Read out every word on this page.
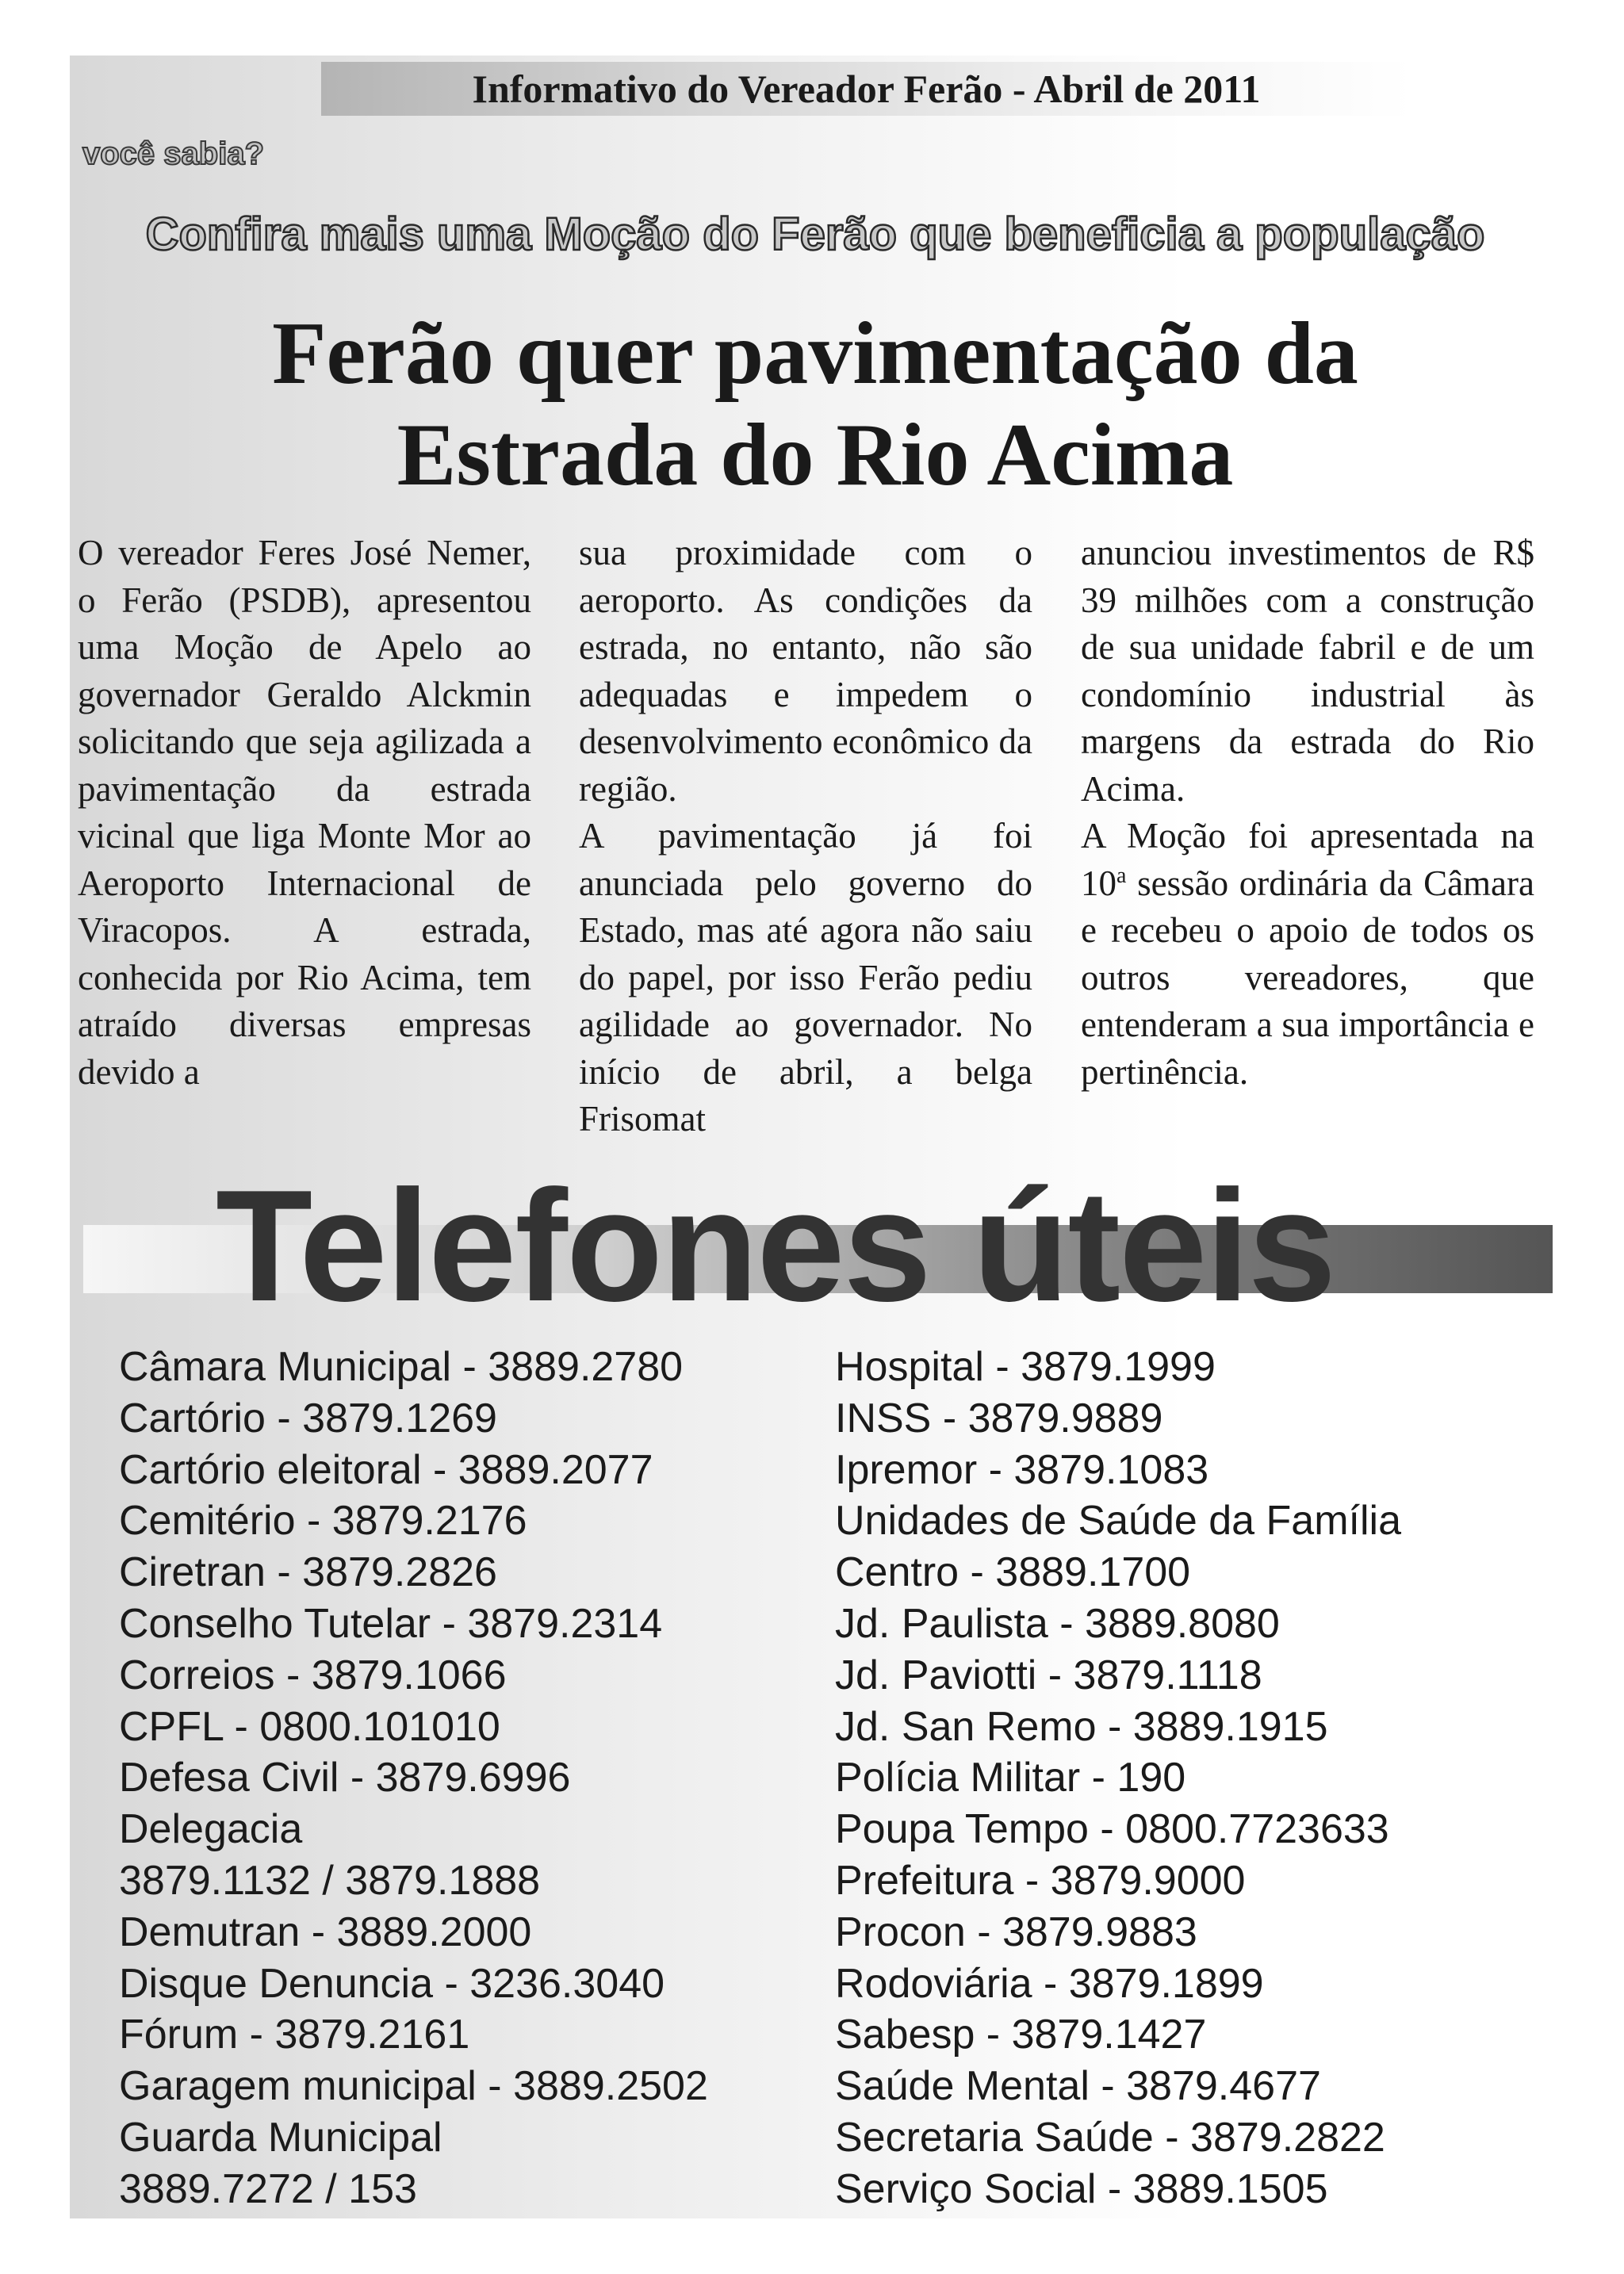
Informativo do Vereador Ferão - Abril de 2011
você sabia?
Confira mais uma Moção do Ferão que beneficia a população
Ferão quer pavimentação da
Estrada do Rio Acima

O vereador Feres José Nemer, o Ferão (PSDB), apresentou uma Moção de Apelo ao governador Geraldo Alckmin solicitando que seja agilizada a pavimentação da estrada vicinal que liga Monte Mor ao Aeroporto Internacional de Viracopos. A estrada, conhecida por Rio Acima, tem atraído diversas empresas devido a

sua proximidade com o aeroporto. As condições da estrada, no entanto, não são adequadas e impedem o desenvolvimento econômico da região.

A pavimentação já foi anunciada pelo governo do Estado, mas até agora não saiu do papel, por isso Ferão pediu agilidade ao governador. No início de abril, a belga Frisomat

anunciou investimentos de R$ 39 milhões com a construção de sua unidade fabril e de um condomínio industrial às margens da estrada do Rio Acima.

A Moção foi apresentada na 10$^a$ sessão ordinária da Câmara e recebeu o apoio de todos os outros vereadores, que entenderam a sua importância e pertinência.

Telefones úteis
Câmara Municipal - 3889.2780
Cartório - 3879.1269
Cartório eleitoral - 3889.2077
Cemitério - 3879.2176
Ciretran - 3879.2826
Conselho Tutelar - 3879.2314
Correios - 3879.1066
CPFL - 0800.101010
Defesa Civil - 3879.6996
Delegacia
3879.1132 / 3879.1888
Demutran - 3889.2000
Disque Denuncia - 3236.3040
Fórum - 3879.2161
Garagem municipal - 3889.2502
Guarda Municipal
3889.7272 / 153
Hospital - 3879.1999
INSS - 3879.9889
Ipremor - 3879.1083
Unidades de Saúde da Família
Centro - 3889.1700
Jd. Paulista - 3889.8080
Jd. Paviotti - 3879.1118
Jd. San Remo - 3889.1915
Polícia Militar - 190
Poupa Tempo - 0800.7723633
Prefeitura - 3879.9000
Procon - 3879.9883
Rodoviária - 3879.1899
Sabesp - 3879.1427
Saúde Mental - 3879.4677
Secretaria Saúde - 3879.2822
Serviço Social - 3889.1505
